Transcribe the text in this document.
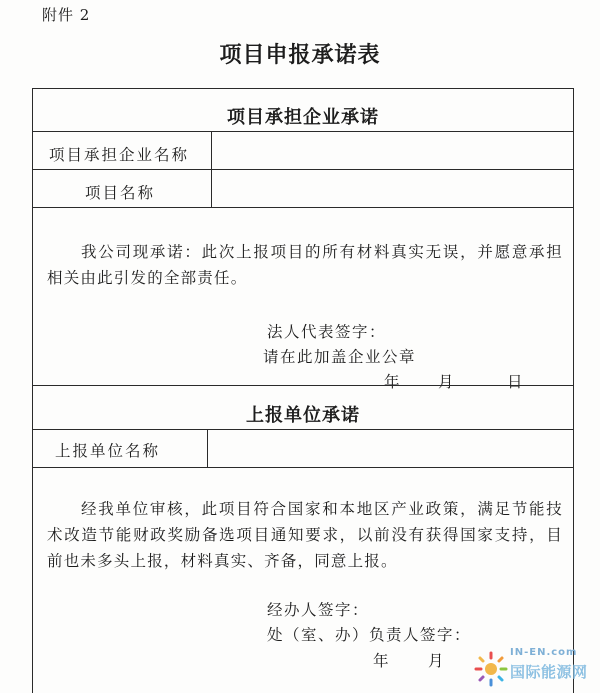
附件 2
项目申报承诺表
项目承担企业承诺
项目承担企业名称
项目名称
我公司现承诺：此次上报项目的所有材料真实无误，并愿意承担相关由此引发的全部责任。
法人代表签字：
请在此加盖企业公章
年 月	日
上报单位承诺
上报单位名称
经我单位审核，此项目符合国家和本地区产业政策，满足节能技术改造节能财政奖励备选项目通知要求，以前没有获得国家支持，目前也未多头上报，材料真实、齐备，同意上报。
经办人签字：
处（室、办）负责人签字：
年	月	IN-EN.com
国际能源网
